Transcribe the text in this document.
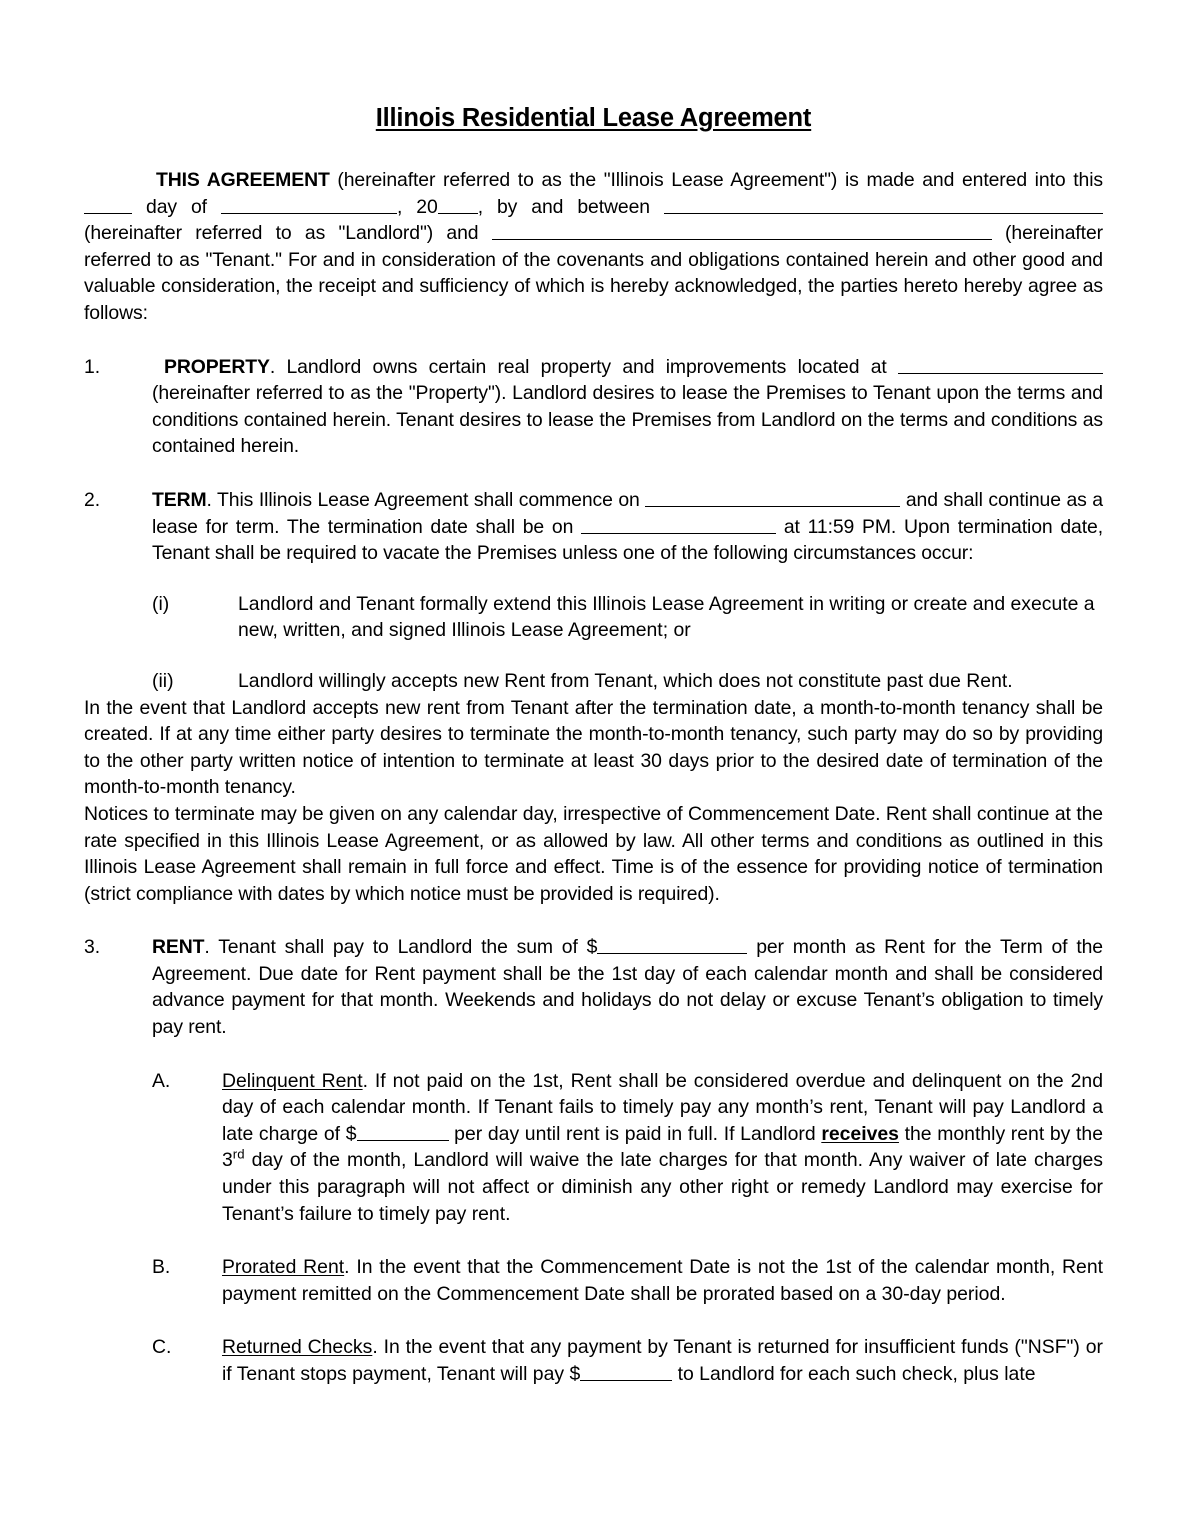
Illinois Residential Lease Agreement

THIS AGREEMENT (hereinafter referred to as the "Illinois Lease Agreement") is made and entered into this  day of	, 20 , by and between  (hereinafter referred to as "Landlord") and	(hereinafter referred to as "Tenant." For and in consideration of the covenants and obligations contained herein and other good and valuable consideration, the receipt and sufficiency of which is hereby acknowledged, the parties hereto hereby agree as follows:

1.	PROPERTY. Landlord owns certain real property and improvements located at  (hereinafter referred to as the "Property"). Landlord desires to lease the Premises to Tenant upon the terms and conditions contained herein. Tenant desires to lease the Premises from Landlord on the terms and conditions as contained herein.

2.	TERM. This Illinois Lease Agreement shall commence on	and shall continue as a lease for term. The termination date shall be on	at 11:59 PM. Upon termination date, Tenant shall be required to vacate the Premises unless one of the following circumstances occur:

(i)	Landlord and Tenant formally extend this Illinois Lease Agreement in writing or create and execute a new, written, and signed Illinois Lease Agreement; or
(ii)	Landlord willingly accepts new Rent from Tenant, which does not constitute past due Rent.

In the event that Landlord accepts new rent from Tenant after the termination date, a month-to-month tenancy shall be created. If at any time either party desires to terminate the month-to-month tenancy, such party may do so by providing to the other party written notice of intention to terminate at least 30 days prior to the desired date of termination of the month-to-month tenancy.

Notices to terminate may be given on any calendar day, irrespective of Commencement Date. Rent shall continue at the rate specified in this Illinois Lease Agreement, or as allowed by law. All other terms and conditions as outlined in this Illinois Lease Agreement shall remain in full force and effect. Time is of the essence for providing notice of termination (strict compliance with dates by which notice must be provided is required).

3.	RENT. Tenant shall pay to Landlord the sum of $	per month as Rent for the Term of the Agreement. Due date for Rent payment shall be the 1st day of each calendar month and shall be considered advance payment for that month. Weekends and holidays do not delay or excuse Tenant’s obligation to timely pay rent.

A.	Delinquent Rent. If not paid on the 1st, Rent shall be considered overdue and delinquent on the 2nd day of each calendar month. If Tenant fails to timely pay any month’s rent, Tenant will pay Landlord a late charge of $	per day until rent is paid in full. If Landlord receives the monthly rent by the 3rd day of the month, Landlord will waive the late charges for that month. Any waiver of late charges under this paragraph will not affect or diminish any other right or remedy Landlord may exercise for Tenant’s failure to timely pay rent.

B.	Prorated Rent. In the event that the Commencement Date is not the 1st of the calendar month, Rent payment remitted on the Commencement Date shall be prorated based on a 30-day period.

C.	Returned Checks. In the event that any payment by Tenant is returned for insufficient funds ("NSF") or if Tenant stops payment, Tenant will pay $	to Landlord for each such check, plus late
